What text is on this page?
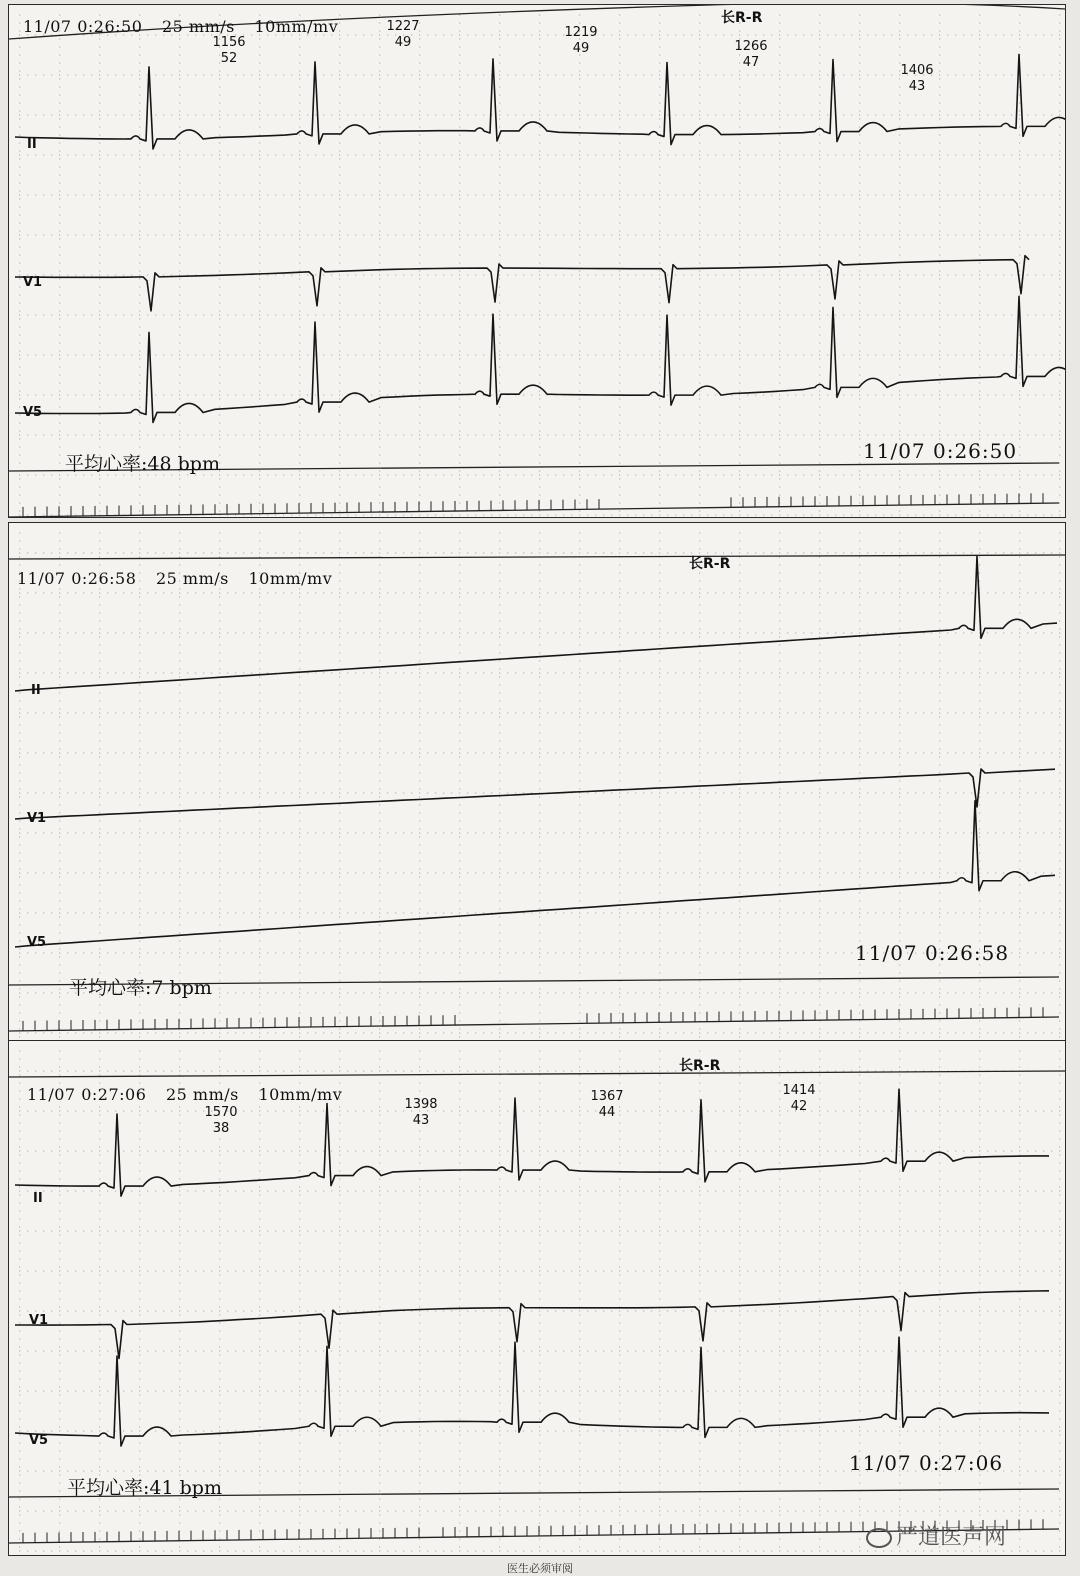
11/07 0:26:50 25 mm/s 10mm/mv	长R-R
1156
52
1227
49
1219
49	1266
47
1406
43
II
V1
V5
平均心率:48 bpm
11/07 0:26:50
11/07 0:26:58 25 mm/s 10mm/mv
长R-R
II
V1
V5
平均心率:7 bpm
11/07 0:26:58
11/07 0:27:06 25 mm/s 10mm/mv
长R-R
1570
38
1398
43
1367
44
1414
42
II
V1
V5
平均心率:41 bpm
11/07 0:27:06
严道医声网
医生必须审阅
